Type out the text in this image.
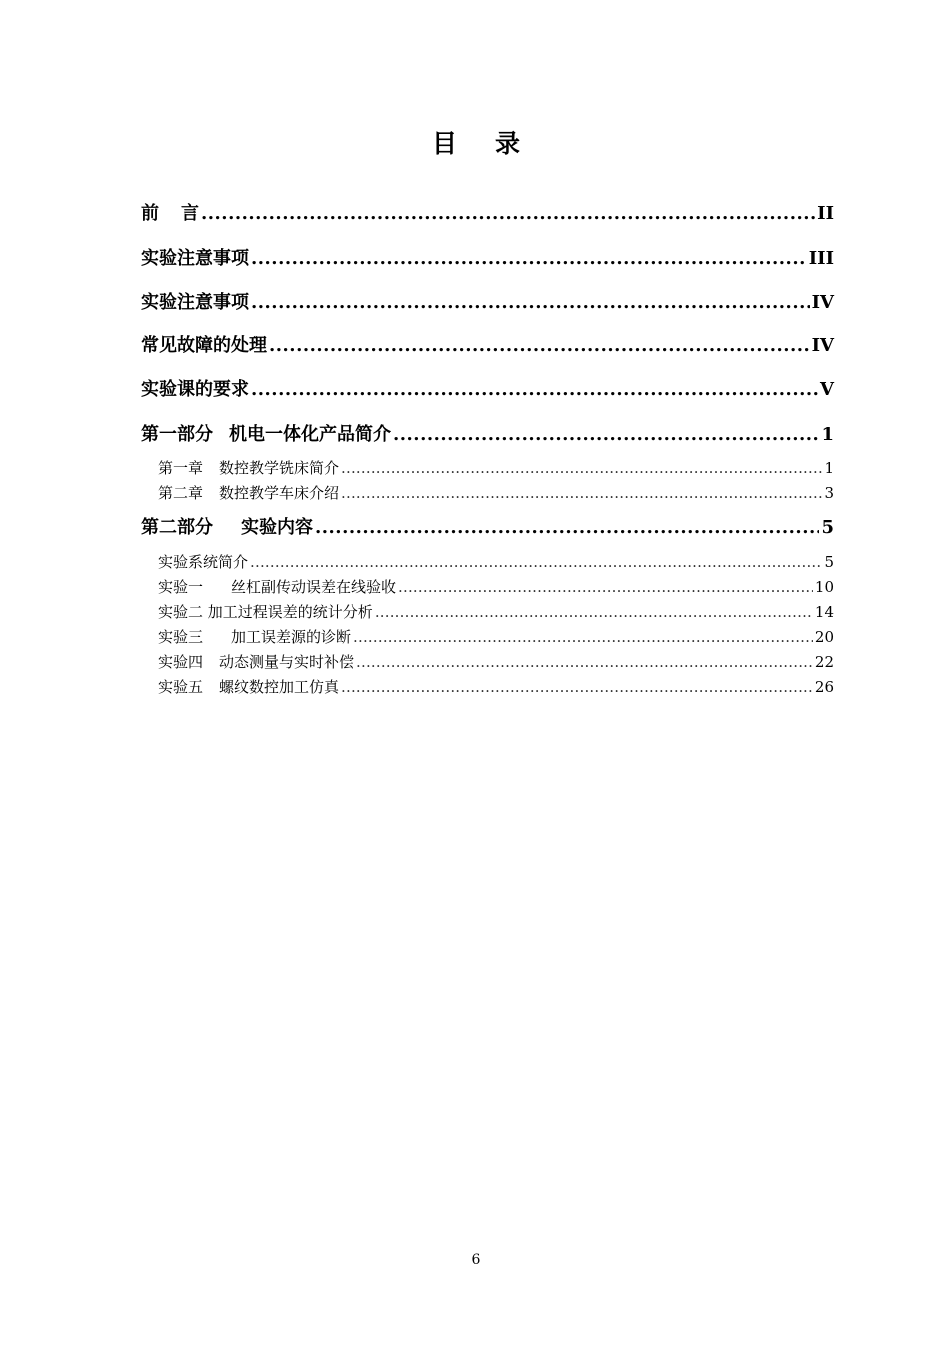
目 录
前 言 .....	II
实验注意事项 .....	III
实验注意事项 .....	IV
常见故障的处理 .....	IV
实验课的要求 .....	V
第一部分 机电一体化产品简介 .....	1
第一章 数控教学铣床简介 .....	1
第二章 数控教学车床介绍 .....	3
第二部分 实验内容 .....	5
实验系统简介 .....	5
实验一 丝杠副传动误差在线验收 .....	10
实验二 加工过程误差的统计分析 .....	14
实验三 加工误差源的诊断 .....	20
实验四 动态测量与实时补偿 .....	22
实验五 螺纹数控加工仿真 .....	26
6
